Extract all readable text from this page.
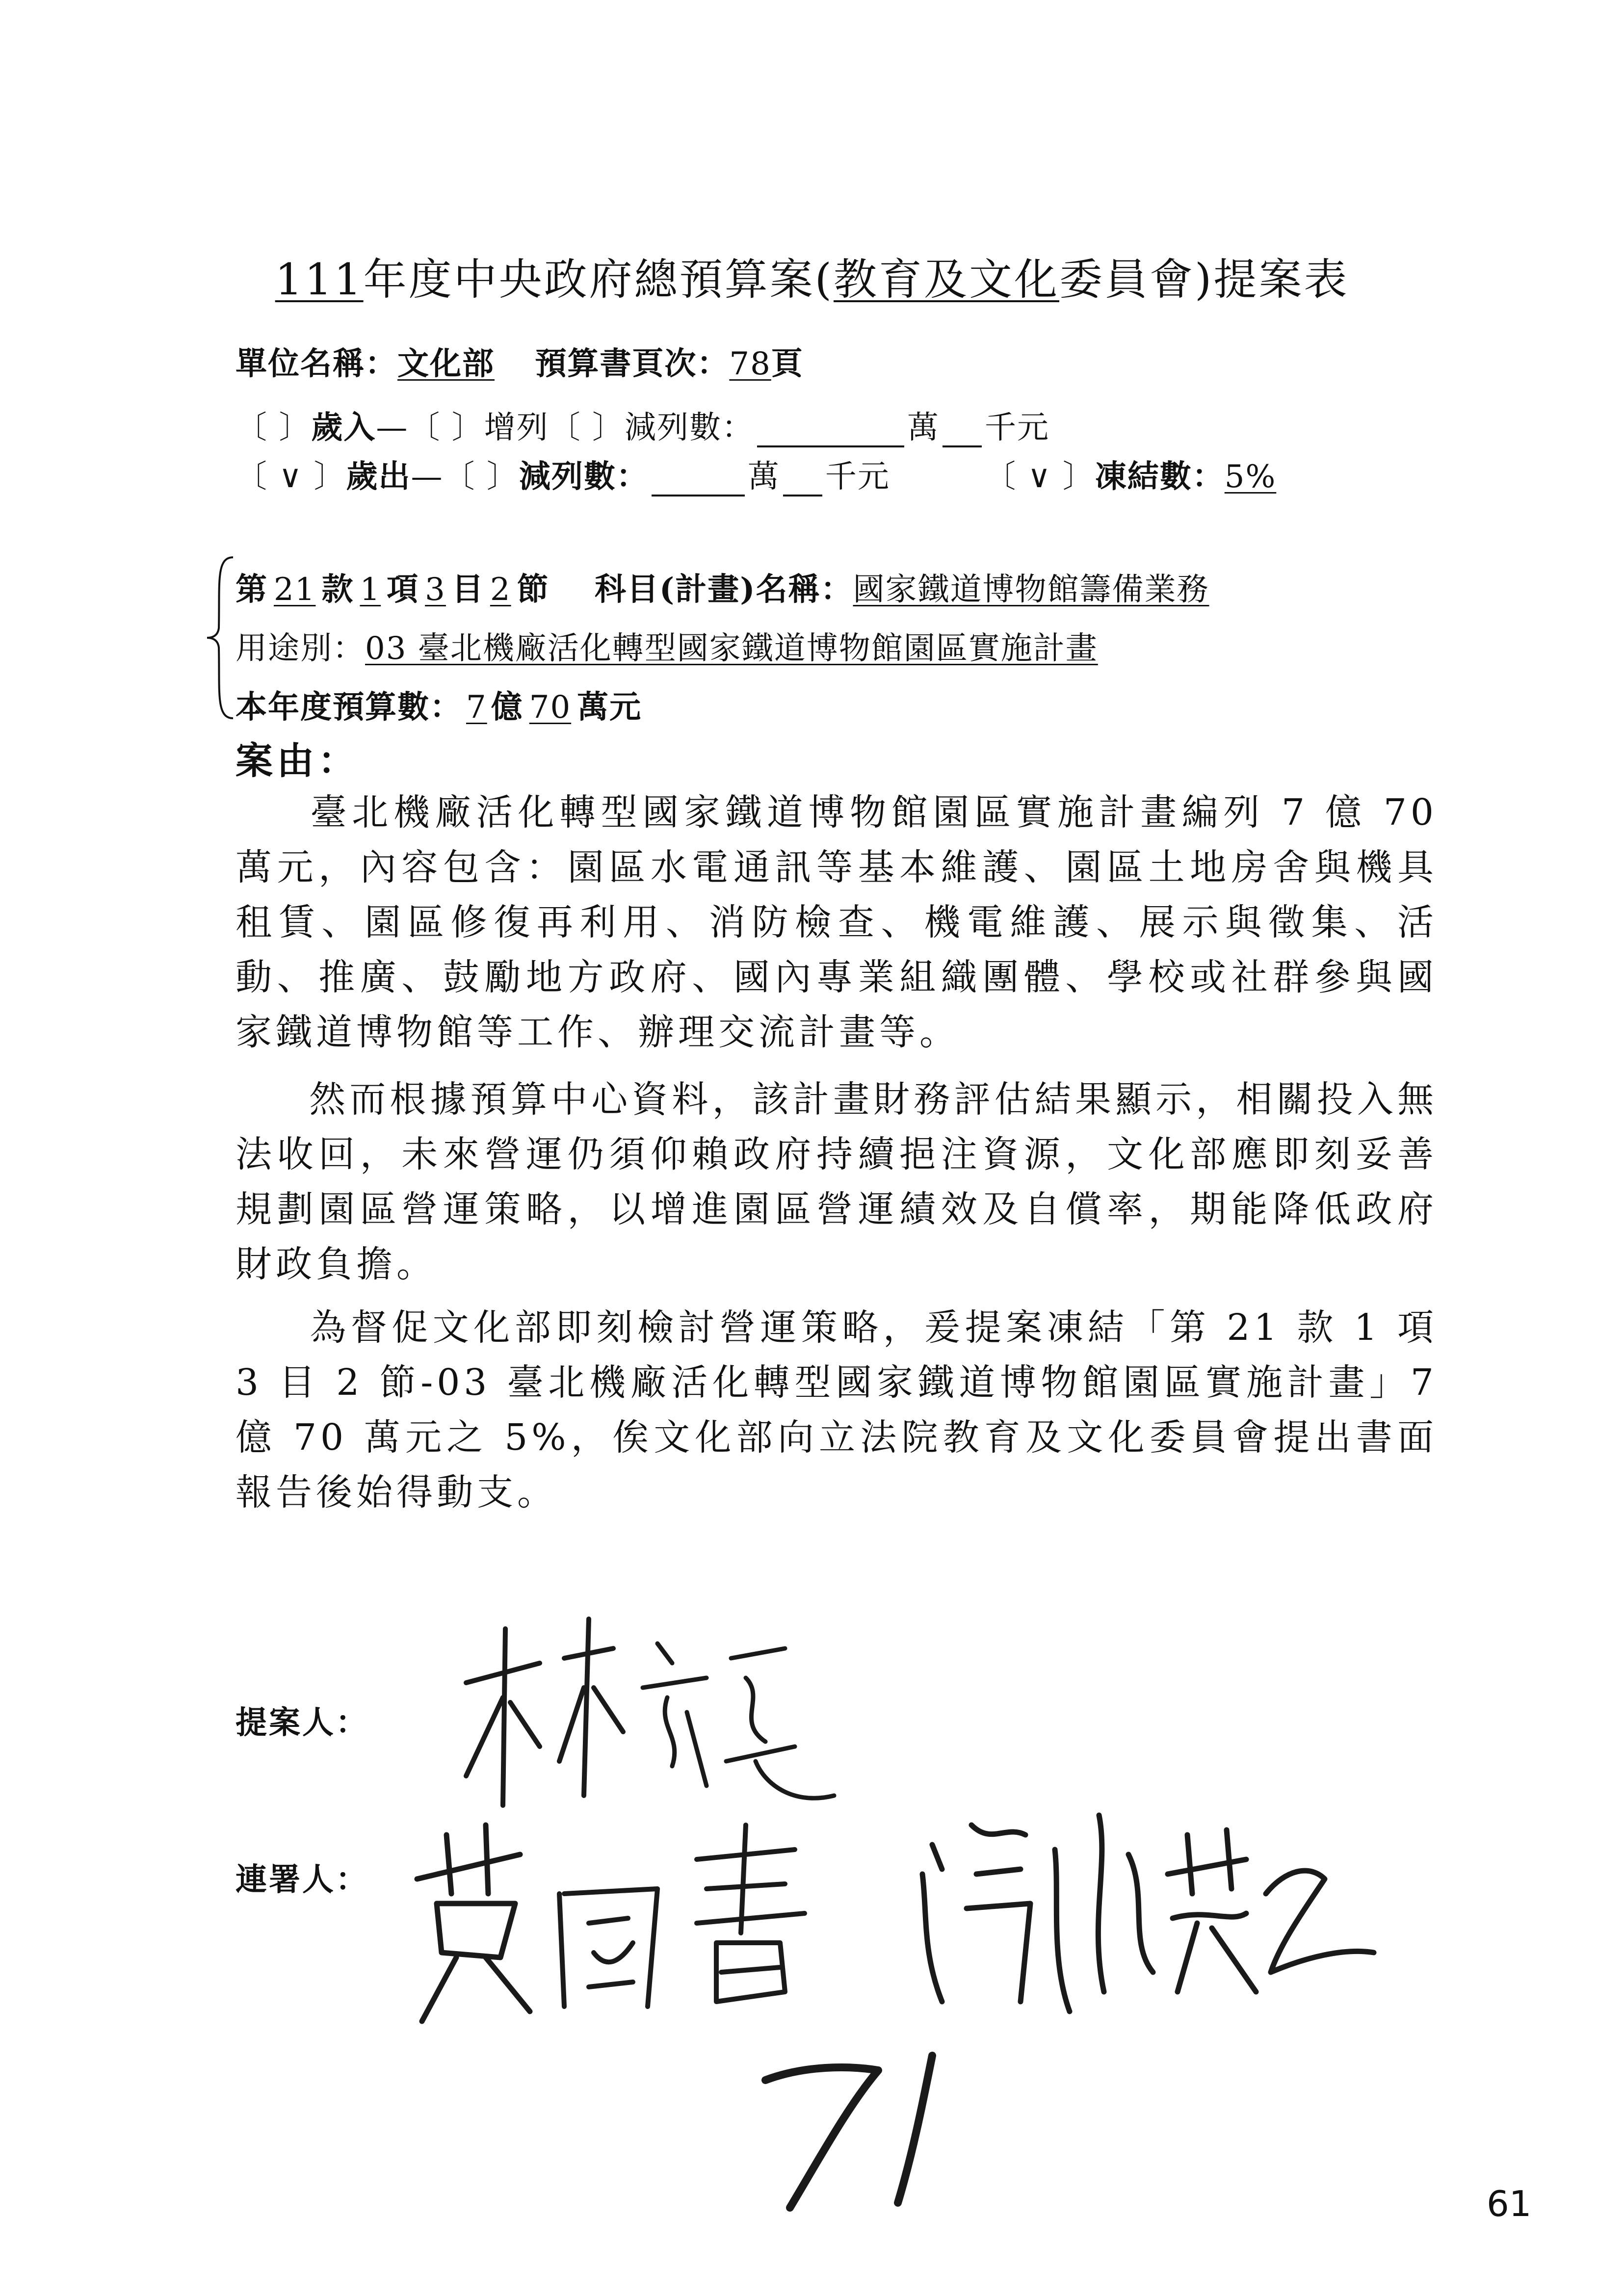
111年度中央政府總預算案(教育及文化委員會)提案表
單位名稱：文化部 預算書頁次：78頁
〔 〕歲入—〔 〕增列〔 〕減列數：	萬 千元
〔 ∨ 〕歲出—〔 〕減列數：	萬 千元	〔 ∨ 〕凍結數：5%
第 21 款 1 項 3 目 2 節 科目(計畫)名稱：國家鐵道博物館籌備業務
用途別：03 臺北機廠活化轉型國家鐵道博物館園區實施計畫
本年度預算數： 7 億 70 萬元
案由：
臺北機廠活化轉型國家鐵道博物館園區實施計畫編列 7 億 70 萬元，內容包含：園區水電通訊等基本維護、園區土地房舍與機具租賃、園區修復再利用、消防檢查、機電維護、展示與徵集、活動、推廣、鼓勵地方政府、國內專業組織團體、學校或社群參與國家鐵道博物館等工作、辦理交流計畫等。
然而根據預算中心資料，該計畫財務評估結果顯示，相關投入無法收回，未來營運仍須仰賴政府持續挹注資源，文化部應即刻妥善規劃園區營運策略，以增進園區營運績效及自償率，期能降低政府財政負擔。
為督促文化部即刻檢討營運策略，爰提案凍結「第 21 款 1 項 3 目 2 節-03 臺北機廠活化轉型國家鐵道博物館園區實施計畫」7 億 70 萬元之 5%，俟文化部向立法院教育及文化委員會提出書面報告後始得動支。
提案人：
連署人：
61
